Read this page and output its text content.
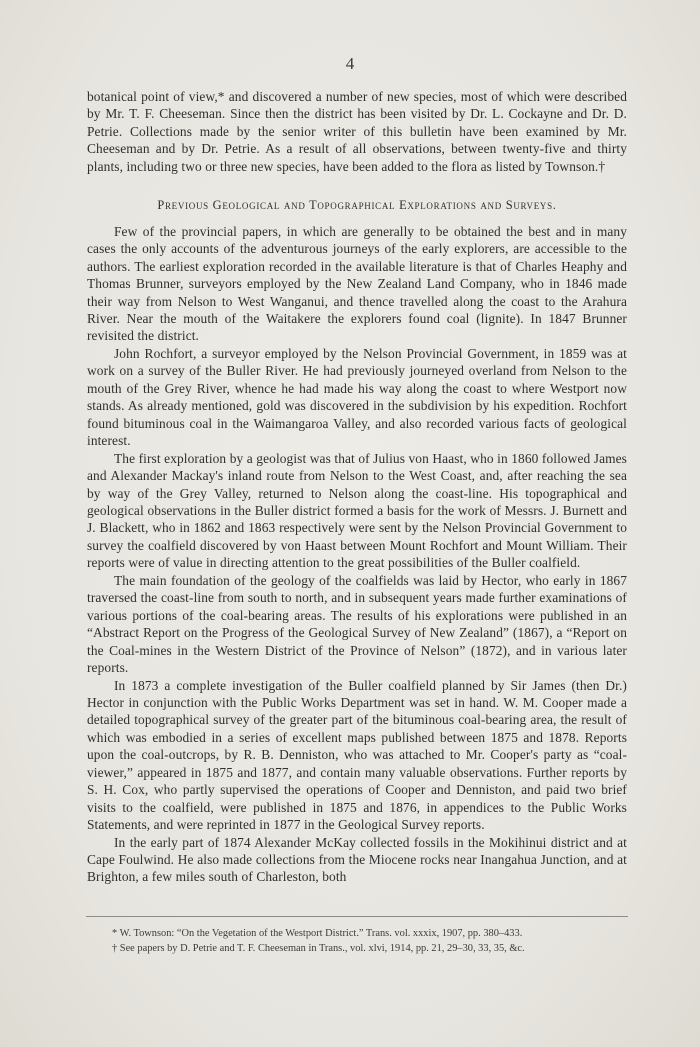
4

botanical point of view,* and discovered a number of new species, most of which were described by Mr. T. F. Cheeseman. Since then the district has been visited by Dr. L. Cockayne and Dr. D. Petrie. Collections made by the senior writer of this bulletin have been examined by Mr. Cheeseman and by Dr. Petrie. As a result of all observations, between twenty-five and thirty plants, including two or three new species, have been added to the flora as listed by Townson.†

Previous Geological and Topographical Explorations and Surveys.

Few of the provincial papers, in which are generally to be obtained the best and in many cases the only accounts of the adventurous journeys of the early explorers, are accessible to the authors. The earliest exploration recorded in the available literature is that of Charles Heaphy and Thomas Brunner, surveyors employed by the New Zealand Land Company, who in 1846 made their way from Nelson to West Wanganui, and thence travelled along the coast to the Arahura River. Near the mouth of the Waitakere the explorers found coal (lignite). In 1847 Brunner revisited the district.

John Rochfort, a surveyor employed by the Nelson Provincial Government, in 1859 was at work on a survey of the Buller River. He had previously journeyed overland from Nelson to the mouth of the Grey River, whence he had made his way along the coast to where Westport now stands. As already mentioned, gold was discovered in the subdivision by his expedition. Rochfort found bituminous coal in the Waimangaroa Valley, and also recorded various facts of geological interest.

The first exploration by a geologist was that of Julius von Haast, who in 1860 followed James and Alexander Mackay's inland route from Nelson to the West Coast, and, after reaching the sea by way of the Grey Valley, returned to Nelson along the coast-line. His topographical and geological observations in the Buller district formed a basis for the work of Messrs. J. Burnett and J. Blackett, who in 1862 and 1863 respectively were sent by the Nelson Provincial Government to survey the coalfield discovered by von Haast between Mount Rochfort and Mount William. Their reports were of value in directing attention to the great possibilities of the Buller coalfield.

The main foundation of the geology of the coalfields was laid by Hector, who early in 1867 traversed the coast-line from south to north, and in subsequent years made further examinations of various portions of the coal-bearing areas. The results of his explorations were published in an “Abstract Report on the Progress of the Geological Survey of New Zealand” (1867), a “Report on the Coal-mines in the Western District of the Province of Nelson” (1872), and in various later reports.

In 1873 a complete investigation of the Buller coalfield planned by Sir James (then Dr.) Hector in conjunction with the Public Works Department was set in hand. W. M. Cooper made a detailed topographical survey of the greater part of the bituminous coal-bearing area, the result of which was embodied in a series of excellent maps published between 1875 and 1878. Reports upon the coal-outcrops, by R. B. Denniston, who was attached to Mr. Cooper's party as “coal-viewer,” appeared in 1875 and 1877, and contain many valuable observations. Further reports by S. H. Cox, who partly supervised the operations of Cooper and Denniston, and paid two brief visits to the coalfield, were published in 1875 and 1876, in appendices to the Public Works Statements, and were reprinted in 1877 in the Geological Survey reports.

In the early part of 1874 Alexander McKay collected fossils in the Mokihinui district and at Cape Foulwind. He also made collections from the Miocene rocks near Inangahua Junction, and at Brighton, a few miles south of Charleston, both

* W. Townson: “On the Vegetation of the Westport District.” Trans. vol. xxxix, 1907, pp. 380–433.

† See papers by D. Petrie and T. F. Cheeseman in Trans., vol. xlvi, 1914, pp. 21, 29–30, 33, 35, &c.
